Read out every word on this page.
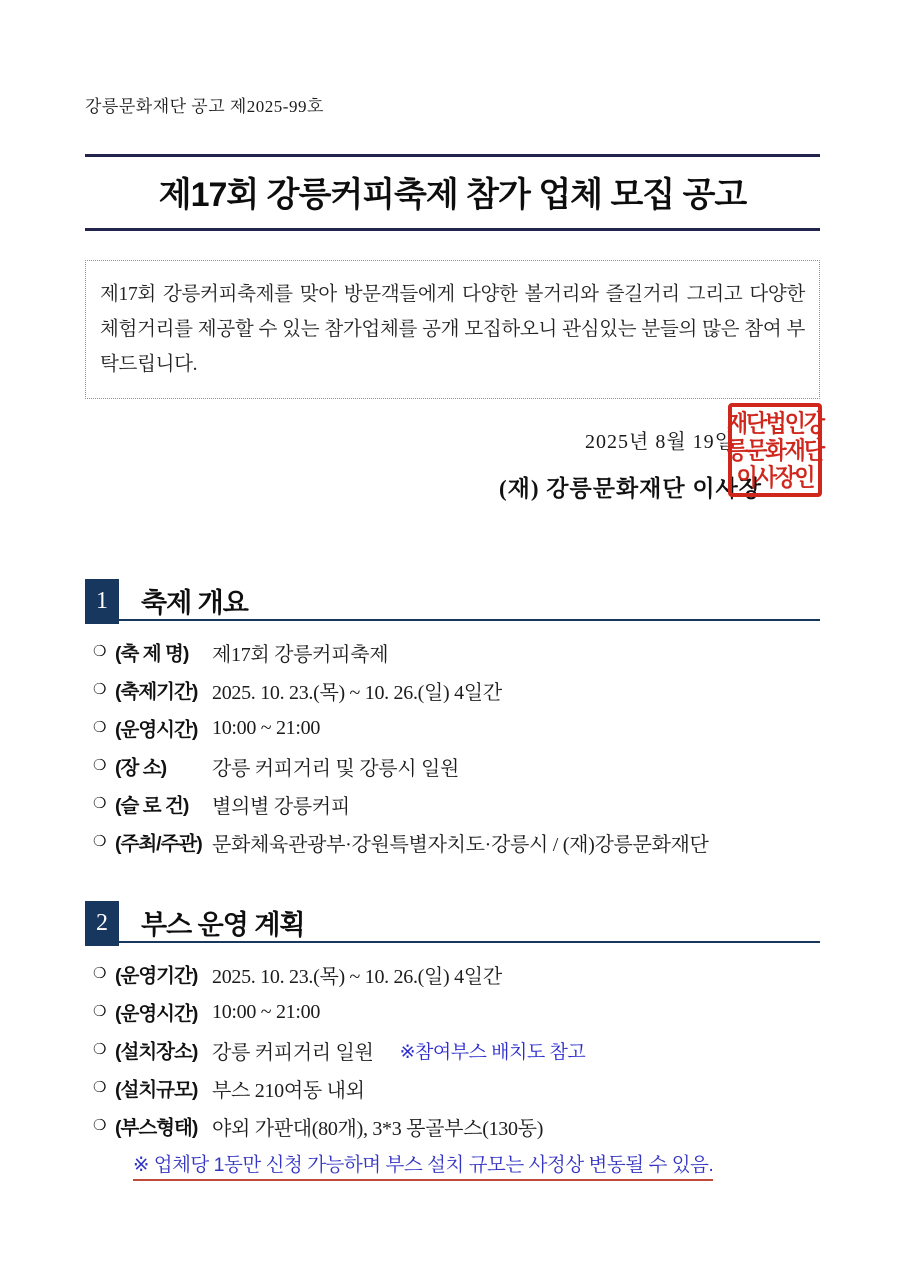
강릉문화재단 공고 제2025-99호
제17회 강릉커피축제 참가 업체 모집 공고
제17회 강릉커피축제를 맞아 방문객들에게 다양한 볼거리와 즐길거리 그리고 다양한 체험거리를 제공할 수 있는 참가업체를 공개 모집하오니 관심있는 분들의 많은 참여 부탁드립니다.
2025년 8월 19일
(재) 강릉문화재단 이사장
재단법인강
릉문화재단
이사장인
1	축제 개요
❍ (축 제 명)	제17회 강릉커피축제
❍ (축제기간) 2025. 10. 23.(목) ~ 10. 26.(일) 4일간
❍ (운영시간) 10:00 ~ 21:00
❍ (장 소)	강릉 커피거리 및 강릉시 일원
❍ (슬 로 건)	별의별 강릉커피
❍ (주최/주관) 문화체육관광부·강원특별자치도·강릉시 / (재)강릉문화재단
2	부스 운영 계획
❍ (운영기간) 2025. 10. 23.(목) ~ 10. 26.(일) 4일간
❍ (운영시간) 10:00 ~ 21:00
❍ (설치장소) 강릉 커피거리 일원 ※참여부스 배치도 참고
❍ (설치규모) 부스 210여동 내외
❍ (부스형태) 야외 가판대(80개), 3*3 몽골부스(130동)
※ 업체당 1동만 신청 가능하며 부스 설치 규모는 사정상 변동될 수 있음.
